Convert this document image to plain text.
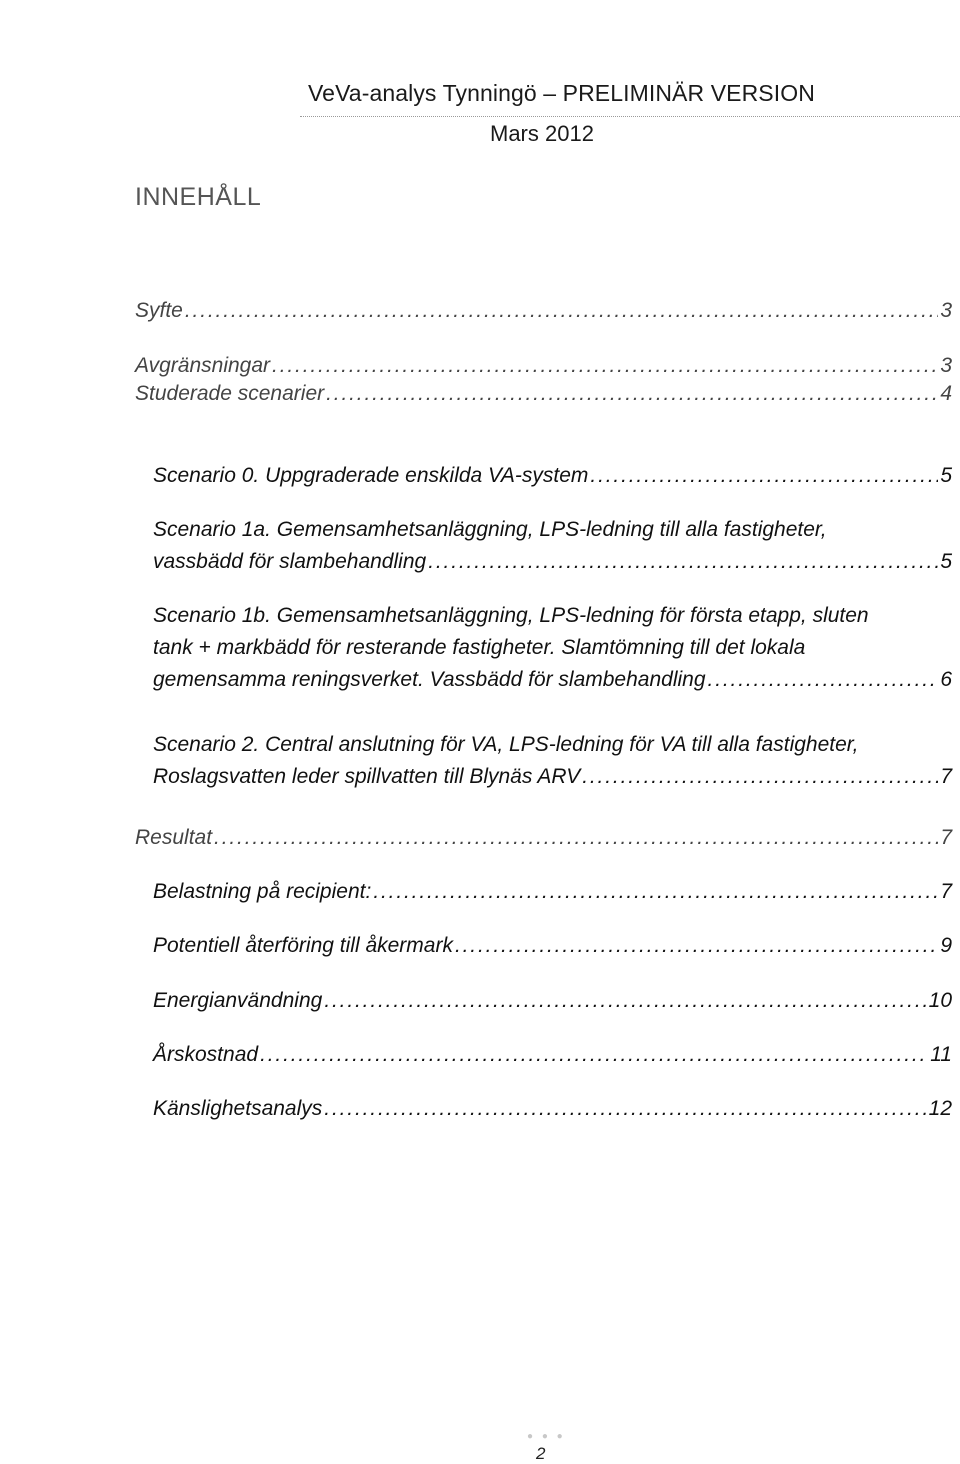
VeVa-analys Tynningö – PRELIMINÄR VERSION
Mars 2012
INNEHÅLL
Syfte . . .	3
Avgränsningar . . .	3
Studerade scenarier . . .	4
Scenario 0. Uppgraderade enskilda VA-system . . .	5
Scenario 1a. Gemensamhetsanläggning, LPS-ledning till alla fastigheter,
vassbädd för slambehandling . . .	5
Scenario 1b. Gemensamhetsanläggning, LPS-ledning för första etapp, sluten
tank + markbädd för resterande fastigheter. Slamtömning till det lokala
gemensamma reningsverket. Vassbädd för slambehandling . . .	6
Scenario 2. Central anslutning för VA, LPS-ledning för VA till alla fastigheter,
Roslagsvatten leder spillvatten till Blynäs ARV . . .	7
Resultat . . .	7
Belastning på recipient: . . .	7
Potentiell återföring till åkermark . . .	9
Energianvändning . . .	10
Årskostnad . . .	11
Känslighetsanalys . . .	12
● ● ●
2
